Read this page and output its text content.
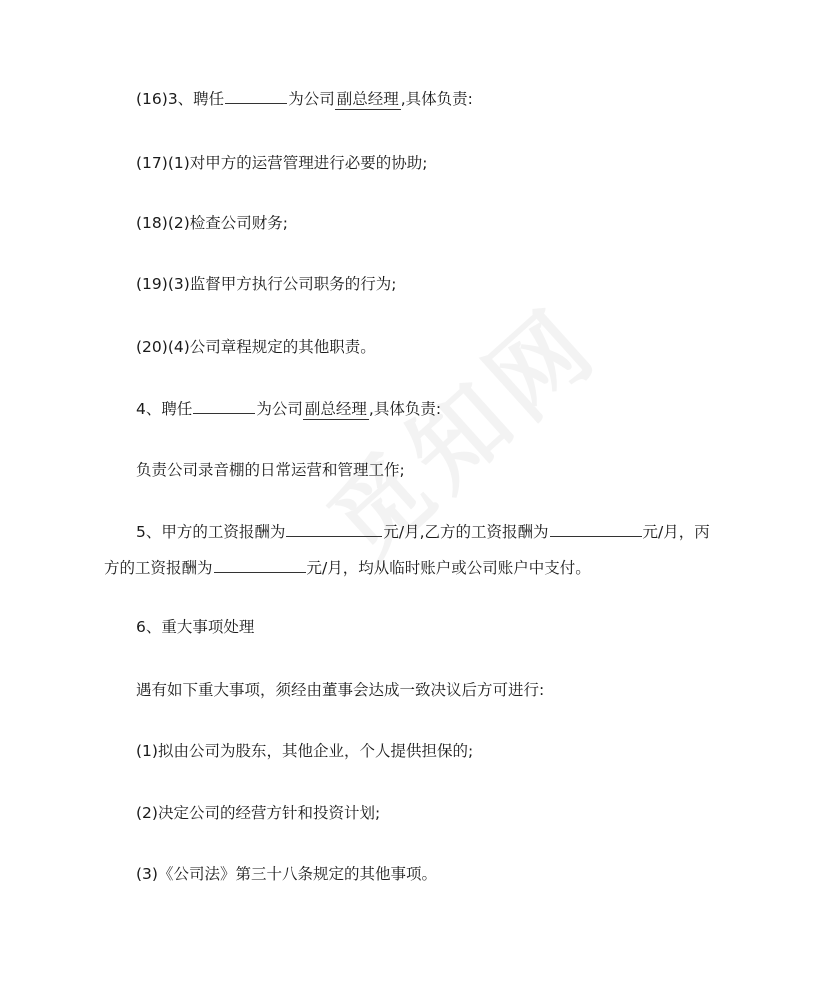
(16)3、聘任	为公司 副总经理 ,具体负责:
(17)(1)对甲方的运营管理进行必要的协助;
(18)(2)检查公司财务;
(19)(3)监督甲方执行公司职务的行为;
(20)(4)公司章程规定的其他职责。
4、聘任	为公司 副总经理 ,具体负责:
负责公司录音棚的日常运营和管理工作;
5、甲方的工资报酬为	元/月,乙方的工资报酬为	元/月，丙
方的工资报酬为	元/月，均从临时账户或公司账户中支付。
6、重大事项处理
遇有如下重大事项，须经由董事会达成一致决议后方可进行:
(1)拟由公司为股东，其他企业，个人提供担保的;
(2)决定公司的经营方针和投资计划;
(3)《公司法》第三十八条规定的其他事项。
